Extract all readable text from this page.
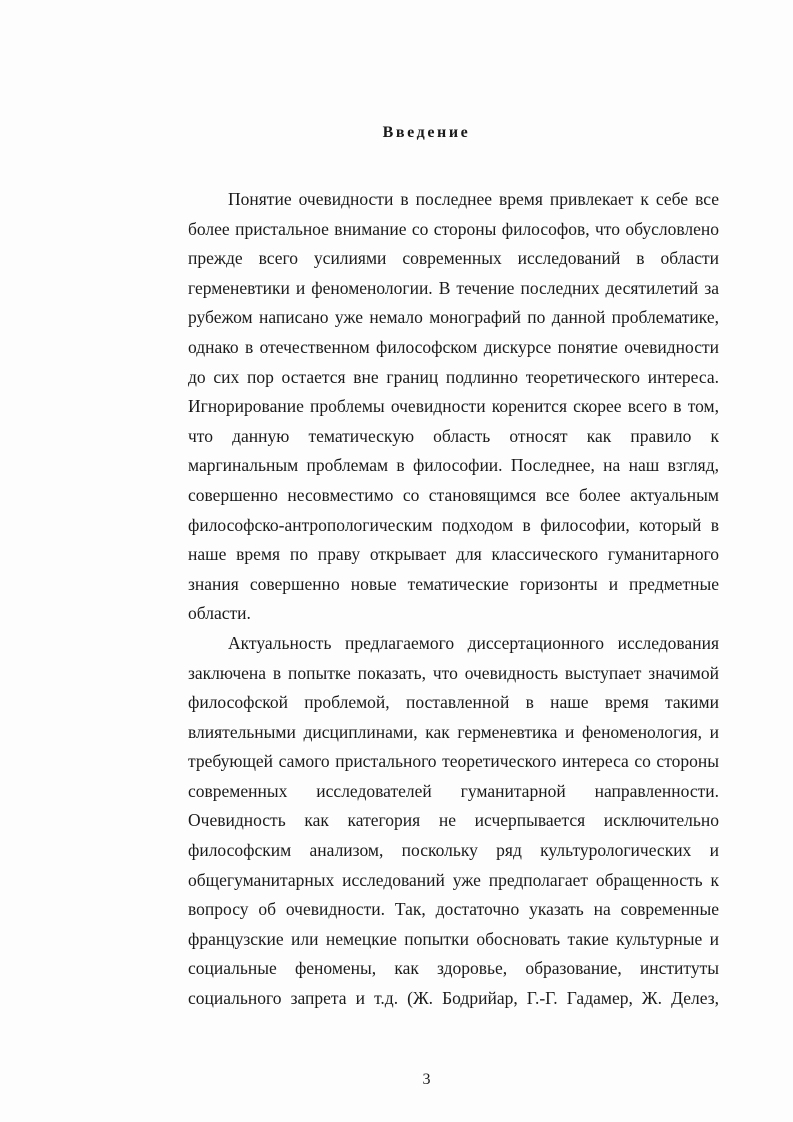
Введение
Понятие очевидности в последнее время привлекает к себе все
более пристальное внимание со стороны философов, что обусловлено
прежде всего усилиями современных исследований в области
герменевтики и феноменологии. В течение последних десятилетий за
рубежом написано уже немало монографий по данной проблематике,
однако в отечественном философском дискурсе понятие очевидности
до сих пор остается вне границ подлинно теоретического интереса.
Игнорирование проблемы очевидности коренится скорее всего в том,
что данную тематическую область относят как правило к
маргинальным проблемам в философии. Последнее, на наш взгляд,
совершенно несовместимо со становящимся все более актуальным
философско-антропологическим подходом в философии, который в
наше время по праву открывает для классического гуманитарного
знания совершенно новые тематические горизонты и предметные
области.
Актуальность предлагаемого диссертационного исследования
заключена в попытке показать, что очевидность выступает значимой
философской проблемой, поставленной в наше время такими
влиятельными дисциплинами, как герменевтика и феноменология, и
требующей самого пристального теоретического интереса со стороны
современных исследователей гуманитарной направленности.
Очевидность как категория не исчерпывается исключительно
философским анализом, поскольку ряд культурологических и
общегуманитарных исследований уже предполагает обращенность к
вопросу об очевидности. Так, достаточно указать на современные
французские или немецкие попытки обосновать такие культурные и
социальные феномены, как здоровье, образование, институты
социального запрета и т.д. (Ж. Бодрийар, Г.-Г. Гадамер, Ж. Делез,
3
